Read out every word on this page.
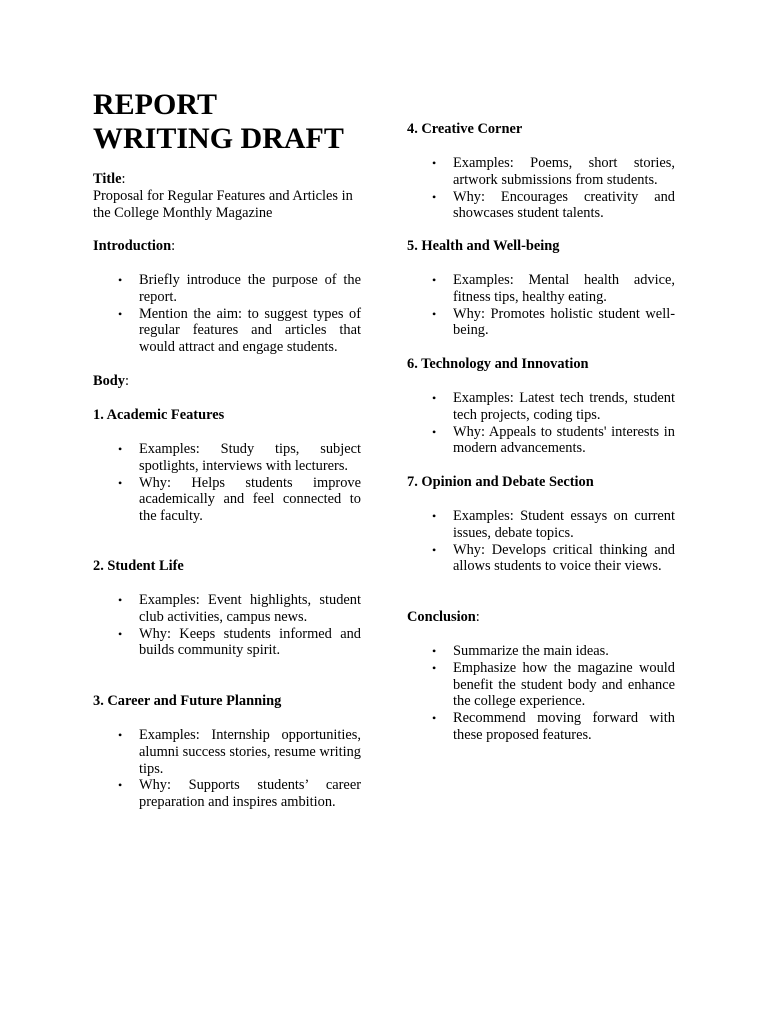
REPORT
WRITING DRAFT

Title:

Proposal for Regular Features and Articles in the College Monthly Magazine

Introduction:

• Briefly introduce the purpose of the report.
• Mention the aim: to suggest types of regular features and articles that would attract and engage students.

Body:

1. Academic Features

• Examples: Study tips, subject spotlights, interviews with lecturers.
• Why: Helps students improve academically and feel connected to the faculty.

2. Student Life

• Examples: Event highlights, student club activities, campus news.
• Why: Keeps students informed and builds community spirit.

3. Career and Future Planning

• Examples: Internship opportunities, alumni success stories, resume writing tips.
• Why: Supports students’ career preparation and inspires ambition.

4. Creative Corner

• Examples: Poems, short stories, artwork submissions from students.
• Why: Encourages creativity and showcases student talents.

5. Health and Well-being

• Examples: Mental health advice, fitness tips, healthy eating.
• Why: Promotes holistic student well-being.

6. Technology and Innovation

• Examples: Latest tech trends, student tech projects, coding tips.
• Why: Appeals to students' interests in modern advancements.

7. Opinion and Debate Section

• Examples: Student essays on current issues, debate topics.
• Why: Develops critical thinking and allows students to voice their views.

Conclusion:

• Summarize the main ideas.
• Emphasize how the magazine would benefit the student body and enhance the college experience.
• Recommend moving forward with these proposed features.
